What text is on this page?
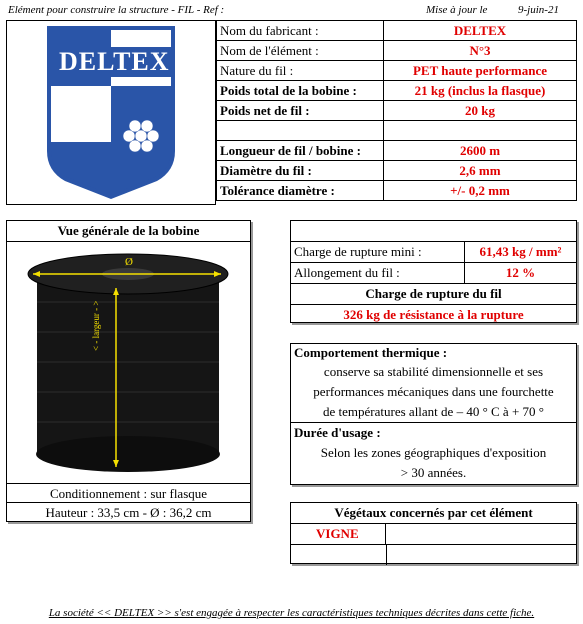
Elément pour construire la structure - FIL - Ref :	Mise à jour le	9-juin-21
DELTEX
Nom du fabricant :	DELTEX
Nom de l'élément :	N°3
Nature du fil :	PET haute performance
Poids total de la bobine :	21 kg (inclus la flasque)
Poids net de fil :	20 kg

Longueur de fil / bobine :	2600 m
Diamètre du fil :	2,6 mm
Tolérance diamètre :	+/- 0,2 mm
Vue générale de la bobine
Ø
< - largeur - >
Conditionnement : sur flasque
Hauteur : 33,5 cm - Ø : 36,2 cm
Charge de rupture mini :	61,43 kg / mm²
Allongement du fil :	12 %
Charge de rupture du fil
326 kg de résistance à la rupture
Comportement thermique :
conserve sa stabilité dimensionnelle et ses
performances mécaniques dans une fourchette
de températures allant de – 40 ° C à + 70 °
Durée d'usage :
Selon les zones géographiques d'exposition
> 30 années.
Végétaux concernés par cet élément
VIGNE
La société << DELTEX >> s'est engagée à respecter les caractéristiques techniques décrites dans cette fiche.
